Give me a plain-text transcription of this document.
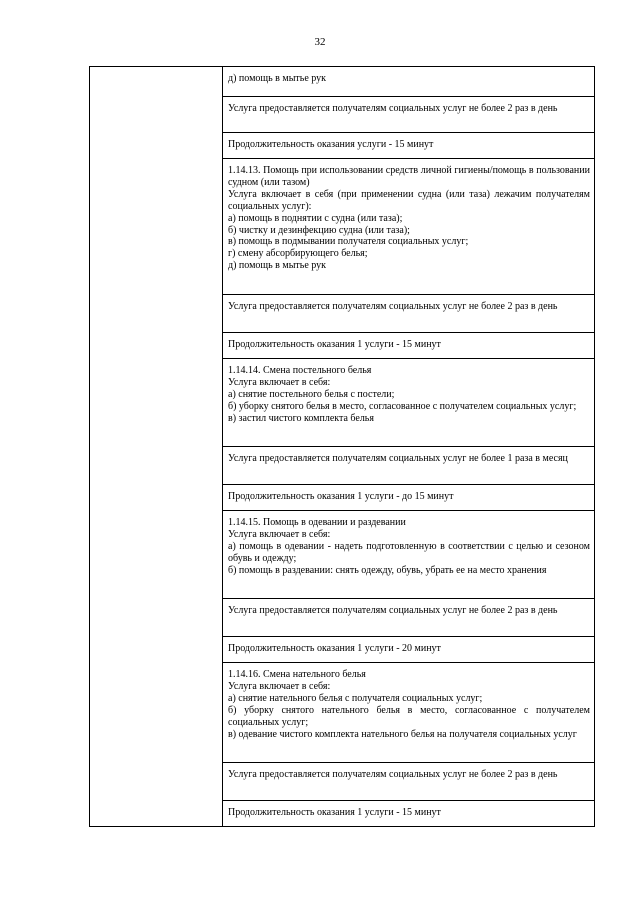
32

д) помощь в мытье рук

Услуга предоставляется получателям социальных услуг не более 2 раз в день

Продолжительность оказания услуги - 15 минут

1.14.13. Помощь при использовании средств личной гигиены/помощь в пользовании судном (или тазом)
Услуга включает в себя (при применении судна (или таза) лежачим получателям социальных услуг):
а) помощь в поднятии с судна (или таза);
б) чистку и дезинфекцию судна (или таза);
в) помощь в подмывании получателя социальных услуг;
г) смену абсорбирующего белья;
д) помощь в мытье рук

Услуга предоставляется получателям социальных услуг не более 2 раз в день

Продолжительность оказания 1 услуги - 15 минут

1.14.14. Смена постельного белья
Услуга включает в себя:
а) снятие постельного белья с постели;
б) уборку снятого белья в место, согласованное с получателем социальных услуг;
в) застил чистого комплекта белья

Услуга предоставляется получателям социальных услуг не более 1 раза в месяц

Продолжительность оказания 1 услуги - до 15 минут

1.14.15. Помощь в одевании и раздевании
Услуга включает в себя:
а) помощь в одевании - надеть подготовленную в соответствии с целью и сезоном обувь и одежду;
б) помощь в раздевании: снять одежду, обувь, убрать ее на место хранения

Услуга предоставляется получателям социальных услуг не более 2 раз в день

Продолжительность оказания 1 услуги - 20 минут

1.14.16. Смена нательного белья
Услуга включает в себя:
а) снятие нательного белья с получателя социальных услуг;
б) уборку снятого нательного белья в место, согласованное с получателем социальных услуг;
в) одевание чистого комплекта нательного белья на получателя социальных услуг

Услуга предоставляется получателям социальных услуг не более 2 раз в день

Продолжительность оказания 1 услуги - 15 минут
